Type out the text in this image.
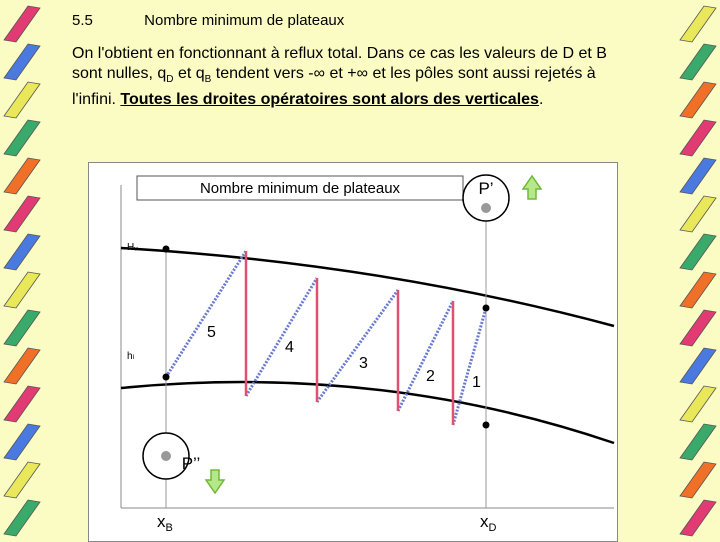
5.5	Nombre minimum de plateaux
On l'obtient en fonctionnant à reflux total. Dans ce cas les valeurs de D et B
sont nulles, $q_D$ et $q_B$ tendent vers -∞ et +∞ et les pôles sont aussi rejetés à
l'infini. Toutes les droites opératoires sont alors des verticales.
Nombre minimum de plateaux	P’
P’’
Hᵥ
hₗ
5
4
3
2 1
$x_B$	$x_D$
